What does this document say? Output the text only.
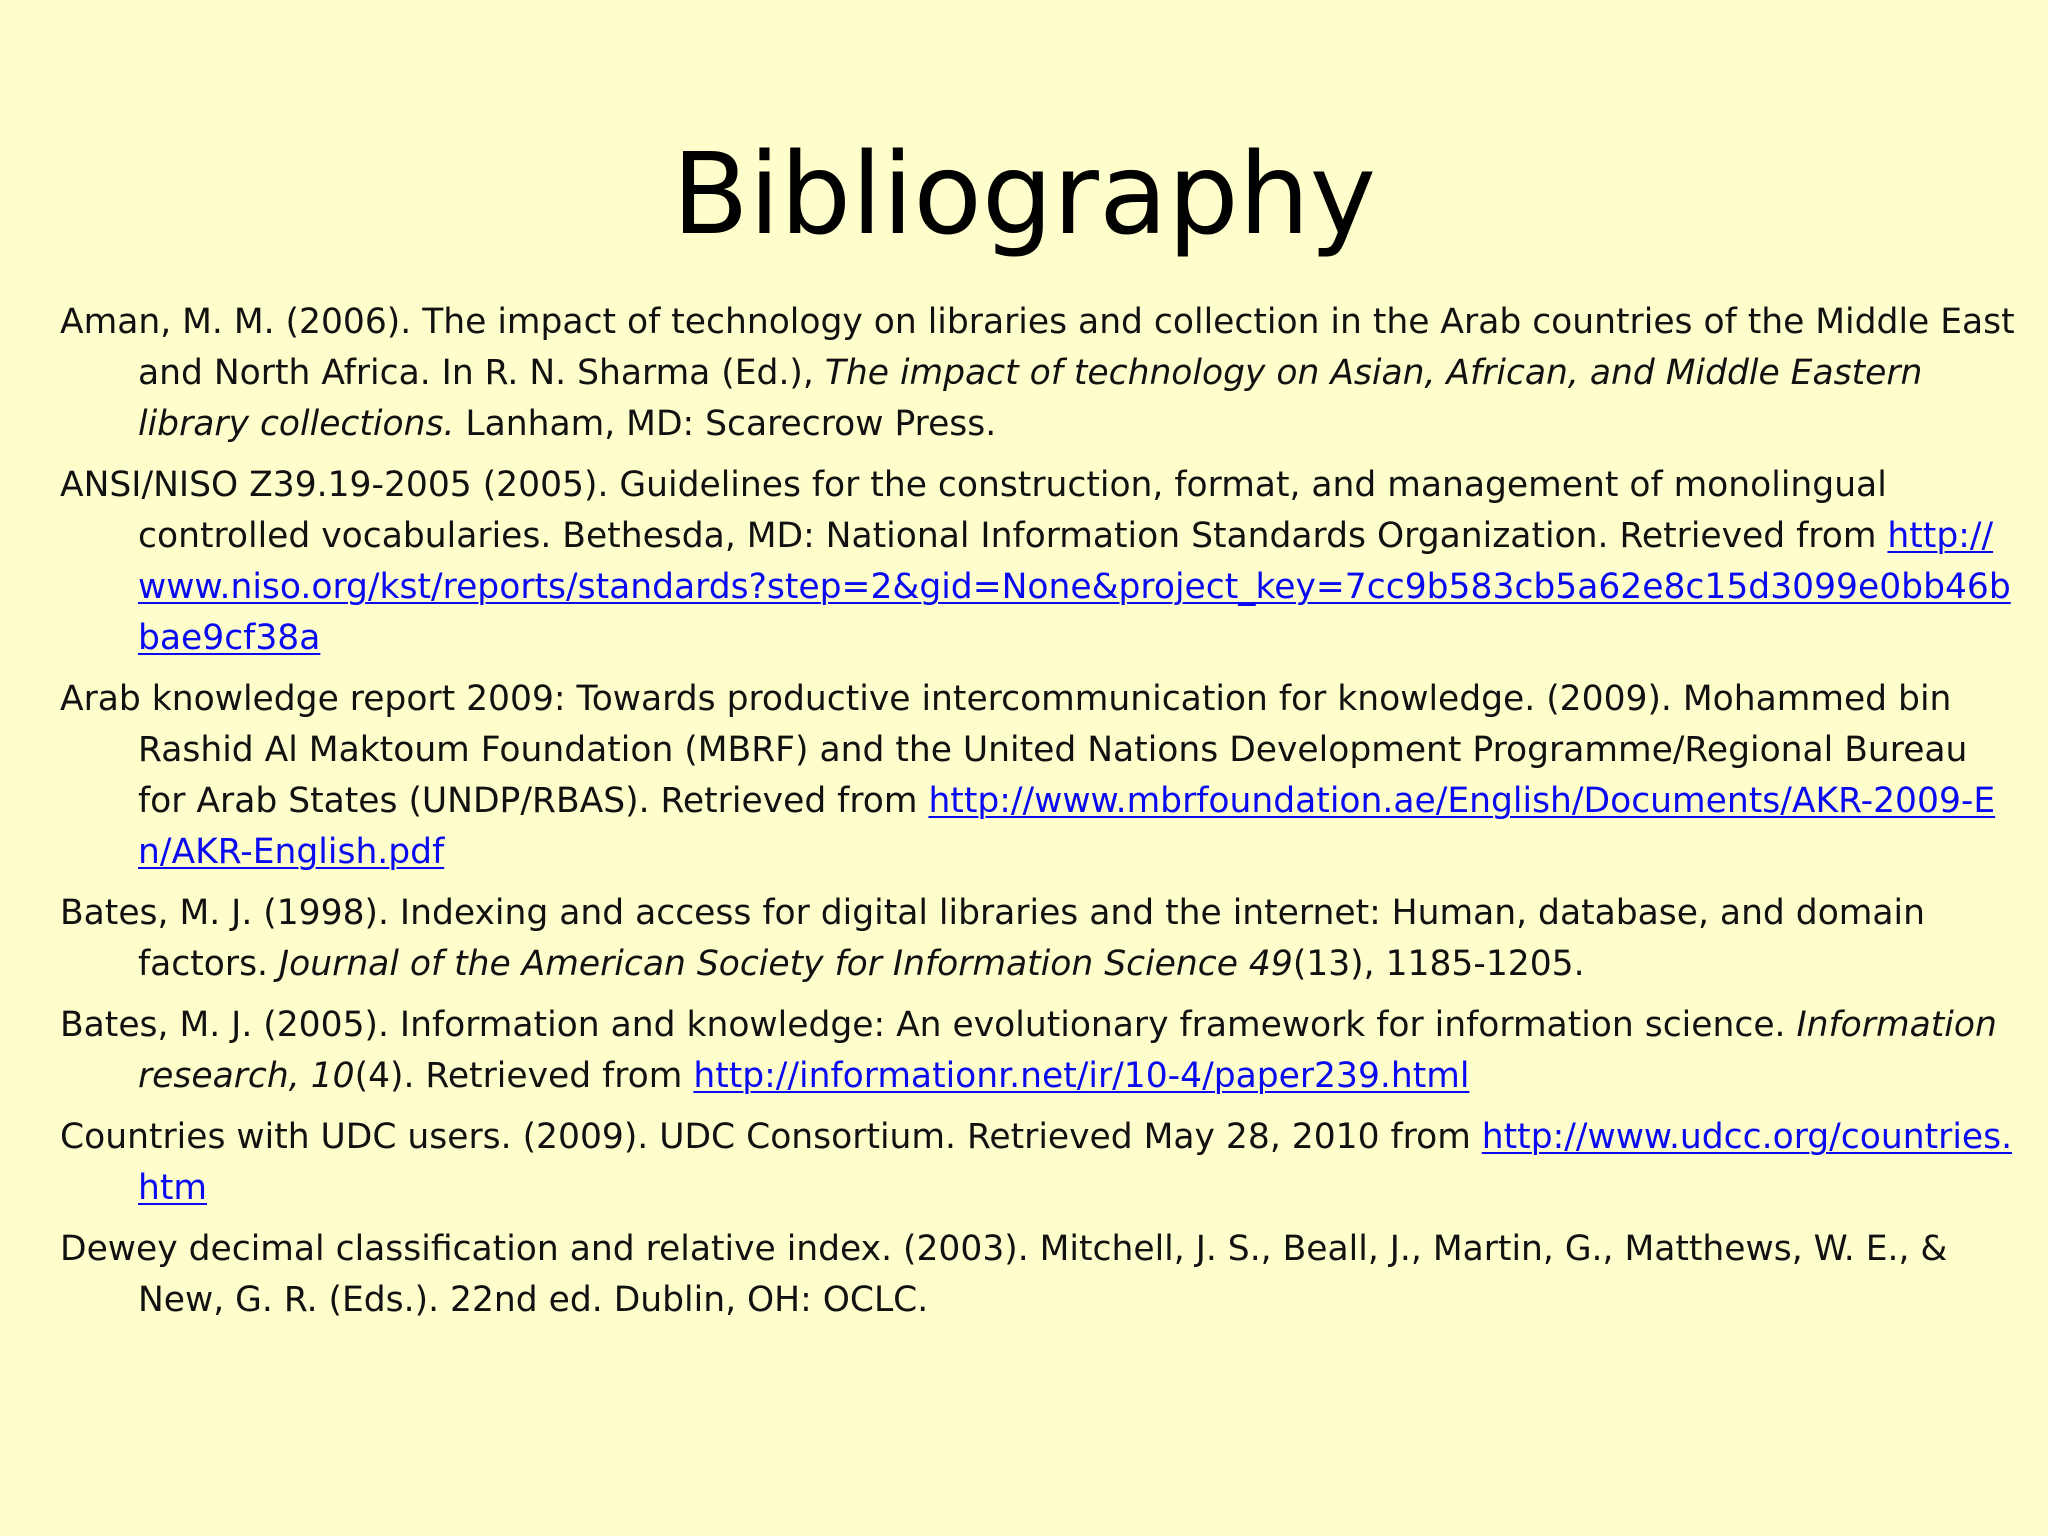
Bibliography

Aman, M. M. (2006). The impact of technology on libraries and collection in the Arab countries of the Middle East and North Africa. In R. N. Sharma (Ed.), The impact of technology on Asian, African, and Middle Eastern library collections. Lanham, MD: Scarecrow Press.

ANSI/NISO Z39.19-2005 (2005). Guidelines for the construction, format, and management of monolingual controlled vocabularies. Bethesda, MD: National Information Standards Organization. Retrieved from http://www.niso.org/kst/reports/standards?step=2&gid=None&project_key=7cc9b583cb5a62e8c15d3099e0bb46bbae9cf38a

Arab knowledge report 2009: Towards productive intercommunication for knowledge. (2009). Mohammed bin Rashid Al Maktoum Foundation (MBRF) and the United Nations Development Programme/Regional Bureau for Arab States (UNDP/RBAS). Retrieved from http://www.mbrfoundation.ae/English/Documents/AKR-2009-En/AKR-English.pdf

Bates, M. J. (1998). Indexing and access for digital libraries and the internet: Human, database, and domain factors. Journal of the American Society for Information Science 49(13), 1185-1205.

Bates, M. J. (2005). Information and knowledge: An evolutionary framework for information science. Information research, 10(4). Retrieved from http://informationr.net/ir/10-4/paper239.html

Countries with UDC users. (2009). UDC Consortium. Retrieved May 28, 2010 from http://www.udcc.org/countries.htm

Dewey decimal classification and relative index. (2003). Mitchell, J. S., Beall, J., Martin, G., Matthews, W. E., & New, G. R. (Eds.). 22nd ed. Dublin, OH: OCLC.
